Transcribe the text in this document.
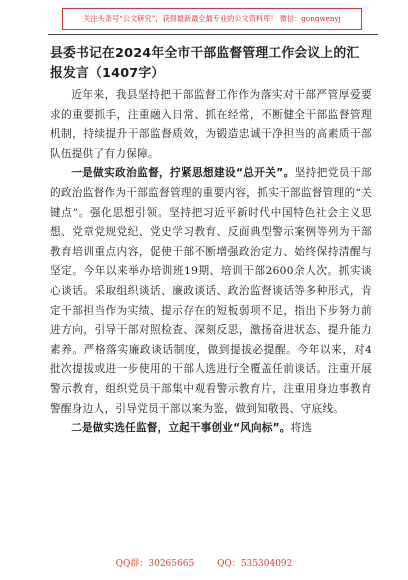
关注头条号“公文研究”，获得最新最全最专业的公文资料库！ 微信：gongwenyj

县委书记在2024年全市干部监督管理工作会议上的汇报发言（1407字）

近年来，我县坚持把干部监督工作作为落实对干部严管厚爱要求的重要抓手，注重融入日常、抓在经常，不断健全干部监督管理机制，持续提升干部监督质效，为锻造忠诚干净担当的高素质干部队伍提供了有力保障。

一是做实政治监督，拧紧思想建设“总开关”。坚持把党员干部的政治监督作为干部监督管理的重要内容，抓实干部监督管理的“关键点”。强化思想引领。坚持把习近平新时代中国特色社会主义思想、党章党规党纪、党史学习教育、反面典型警示案例等列为干部教育培训重点内容，促使干部不断增强政治定力、始终保持清醒与坚定。今年以来举办培训班19期、培训干部2600余人次。抓实谈心谈话。采取组织谈话、廉政谈话、政治监督谈话等多种形式，肯定干部担当作为实绩、提示存在的短板弱项不足，指出下步努力前进方向，引导干部对照检查、深刻反思，激扬奋进状态、提升能力素养。严格落实廉政谈话制度，做到提拔必提醒。今年以来，对4批次提拔或进一步使用的干部人选进行全覆盖任前谈话。注重开展警示教育，组织党员干部集中观看警示教育片，注重用身边事教育警醒身边人，引导党员干部以案为鉴，做到知敬畏、守底线。

二是做实选任监督，立起干事创业“风向标”。将选

QQ群：30265665	QQ：535304092
